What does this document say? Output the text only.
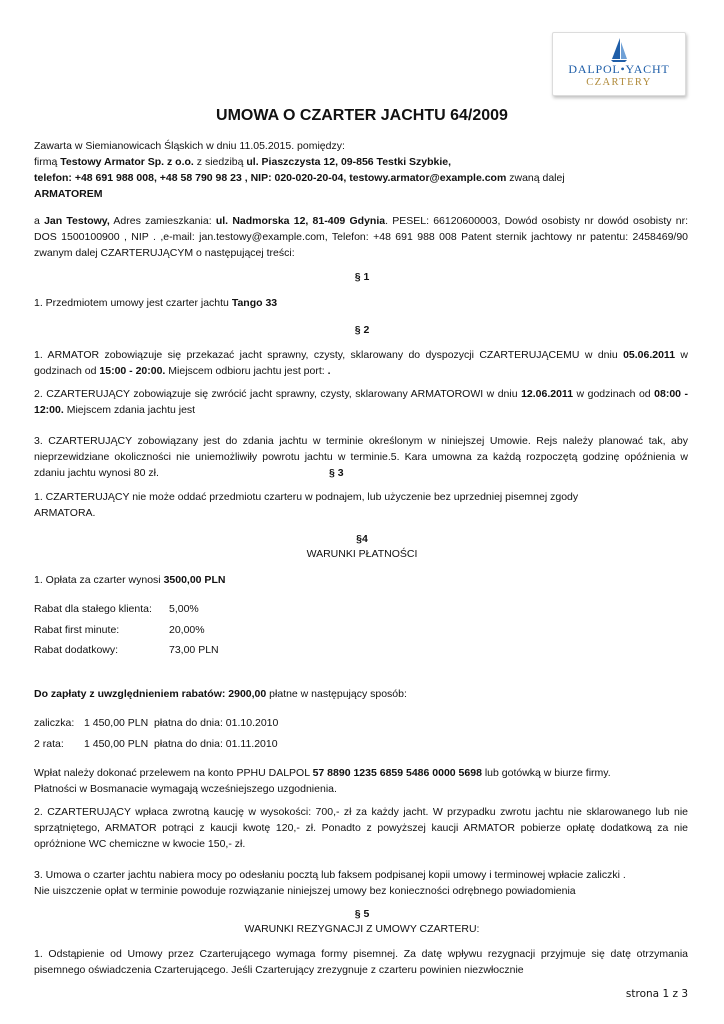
DALPOL•YACHT
CZARTERY
UMOWA O CZARTER JACHTU 64/2009

Zawarta w Siemianowicach Śląskich w dniu 11.05.2015. pomiędzy:

firmą Testowy Armator Sp. z o.o. z siedzibą ul. Piaszczysta 12, 09-856 Testki Szybkie,

telefon: +48 691 988 008, +48 58 790 98 23 , NIP: 020-020-20-04, testowy.armator@example.com zwaną dalej

ARMATOREM

a Jan Testowy, Adres zamieszkania: ul. Nadmorska 12, 81-409 Gdynia. PESEL: 66120600003, Dowód osobisty nr dowód osobisty nr: DOS 1500100900 , NIP . ,e-mail: jan.testowy@example.com, Telefon: +48 691 988 008 Patent sternik jachtowy nr patentu: 2458469/90 zwanym dalej CZARTERUJĄCYM o następującej treści:

§ 1

1. Przedmiotem umowy jest czarter jachtu Tango 33

§ 2

1. ARMATOR zobowiązuje się przekazać jacht sprawny, czysty, sklarowany do dyspozycji CZARTERUJĄCEMU w dniu 05.06.2011 w godzinach od 15:00 - 20:00. Miejscem odbioru jachtu jest port: .

2. CZARTERUJĄCY zobowiązuje się zwrócić jacht sprawny, czysty, sklarowany ARMATOROWI w dniu 12.06.2011 w godzinach od 08:00 - 12:00. Miejscem zdania jachtu jest

3. CZARTERUJĄCY zobowiązany jest do zdania jachtu w terminie określonym w niniejszej Umowie. Rejs należy planować tak, aby nieprzewidziane okoliczności nie uniemożliwiły powrotu jachtu w terminie.5. Kara umowna za każdą rozpoczętą godzinę opóźnienia w zdaniu jachtu wynosi 80 zł.	§ 3

1. CZARTERUJĄCY nie może oddać przedmiotu czarteru w podnajem, lub użyczenie bez uprzedniej pisemnej zgody ARMATORA.

§4
WARUNKI PŁATNOŚCI

1. Opłata za czarter wynosi 3500,00 PLN

Rabat dla stałego klienta: 5,00%
Rabat first minute:	20,00%
Rabat dodatkowy:	73,00 PLN

Do zapłaty z uwzględnieniem rabatów: 2900,00 płatne w następujący sposób:

zaliczka: 1 450,00 PLN płatna do dnia: 01.10.2010
2 rata: 1 450,00 PLN płatna do dnia: 01.11.2010

Wpłat należy dokonać przelewem na konto PPHU DALPOL 57 8890 1235 6859 5486 0000 5698 lub gotówką w biurze firmy.

Płatności w Bosmanacie wymagają wcześniejszego uzgodnienia.

2. CZARTERUJĄCY wpłaca zwrotną kaucję w wysokości: 700,- zł za każdy jacht. W przypadku zwrotu jachtu nie sklarowanego lub nie sprzątniętego, ARMATOR potrąci z kaucji kwotę 120,- zł. Ponadto z powyższej kaucji ARMATOR pobierze opłatę dodatkową za nie opróżnione WC chemiczne w kwocie 150,- zł.

3. Umowa o czarter jachtu nabiera mocy po odesłaniu pocztą lub faksem podpisanej kopii umowy i terminowej wpłacie zaliczki .

Nie uiszczenie opłat w terminie powoduje rozwiązanie niniejszej umowy bez konieczności odrębnego powiadomienia

§ 5
WARUNKI REZYGNACJI Z UMOWY CZARTERU:

1. Odstąpienie od Umowy przez Czarterującego wymaga formy pisemnej. Za datę wpływu rezygnacji przyjmuje się datę otrzymania pisemnego oświadczenia Czarterującego. Jeśli Czarterujący zrezygnuje z czarteru powinien niezwłocznie

strona 1 z 3
